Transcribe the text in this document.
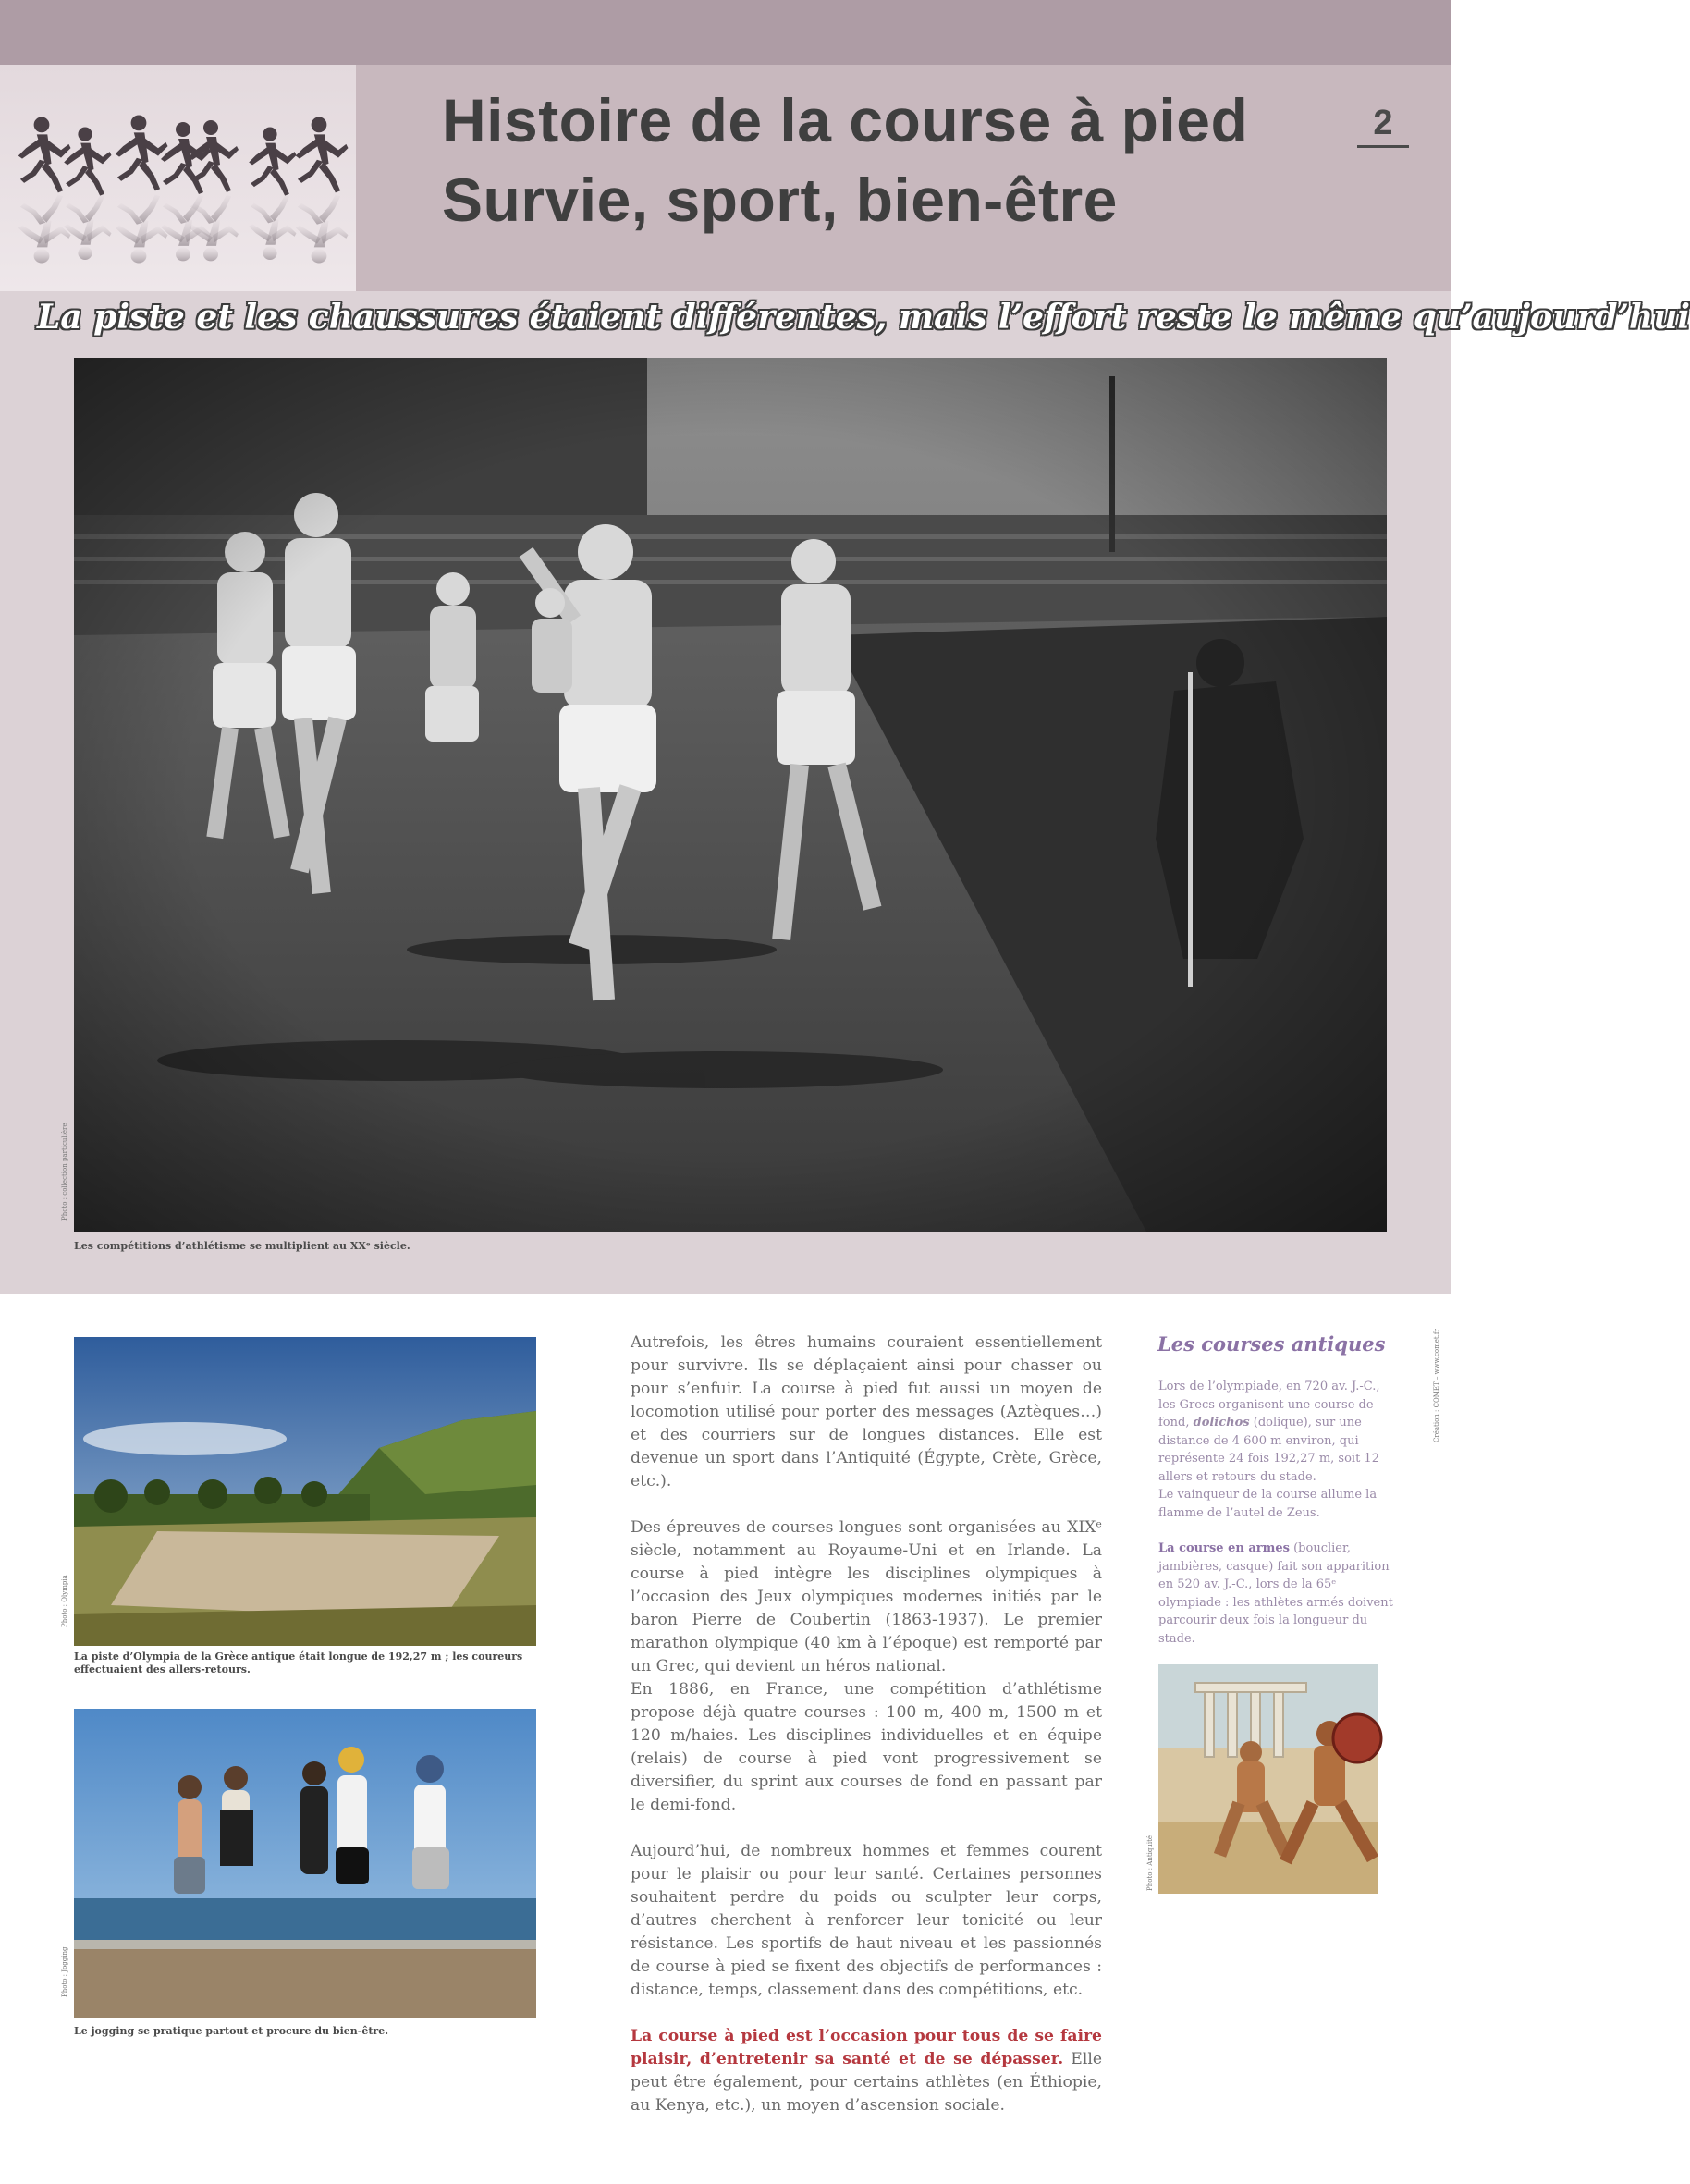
Histoire de la course à pied
Survie, sport, bien-être
2
La piste et les chaussures étaient différentes, mais l’effort reste le même qu’aujourd’hui
Photo : collection particulière
Les compétitions d’athlétisme se multiplient au XXᵉ siècle.
Photo : Olympia
La piste d’Olympia de la Grèce antique était longue de 192,27 m ; les coureurs effectuaient des allers-retours.
Photo : Jogging
Le jogging se pratique partout et procure du bien-être.

Autrefois, les êtres humains couraient essentiellement pour survivre. Ils se déplaçaient ainsi pour chasser ou pour s’enfuir. La course à pied fut aussi un moyen de locomotion utilisé pour porter des messages (Aztèques…) et des courriers sur de longues distances. Elle est devenue un sport dans l’Antiquité (Égypte, Crète, Grèce, etc.).

Des épreuves de courses longues sont organisées au XIXᵉ siècle, notamment au Royaume-Uni et en Irlande. La course à pied intègre les disciplines olympiques à l’occasion des Jeux olympiques modernes initiés par le baron Pierre de Coubertin (1863-1937). Le premier marathon olympique (40 km à l’époque) est remporté par un Grec, qui devient un héros national.

En 1886, en France, une compétition d’athlétisme propose déjà quatre courses : 100 m, 400 m, 1500 m et 120 m/haies. Les disciplines individuelles et en équipe (relais) de course à pied vont progressivement se diversifier, du sprint aux courses de fond en passant par le demi-fond.

Aujourd’hui, de nombreux hommes et femmes courent pour le plaisir ou pour leur santé. Certaines personnes souhaitent perdre du poids ou sculpter leur corps, d’autres cherchent à renforcer leur tonicité ou leur résistance. Les sportifs de haut niveau et les passionnés de course à pied se fixent des objectifs de performances : distance, temps, classement dans des compétitions, etc.

La course à pied est l’occasion pour tous de se faire plaisir, d’entretenir sa santé et de se dépasser. Elle peut être également, pour certains athlètes (en Éthiopie, au Kenya, etc.), un moyen d’ascension sociale.

Les courses antiques

Lors de l’olympiade, en 720 av. J.-C., les Grecs organisent une course de fond, dolichos (dolique), sur une distance de 4 600 m environ, qui représente 24 fois 192,27 m, soit 12 allers et retours du stade.
Le vainqueur de la course allume la flamme de l’autel de Zeus.

La course en armes (bouclier, jambières, casque) fait son apparition en 520 av. J.-C., lors de la 65ᵉ olympiade : les athlètes armés doivent parcourir deux fois la longueur du stade.

Photo : Antiquité
Création : COMET – www.comet.fr
